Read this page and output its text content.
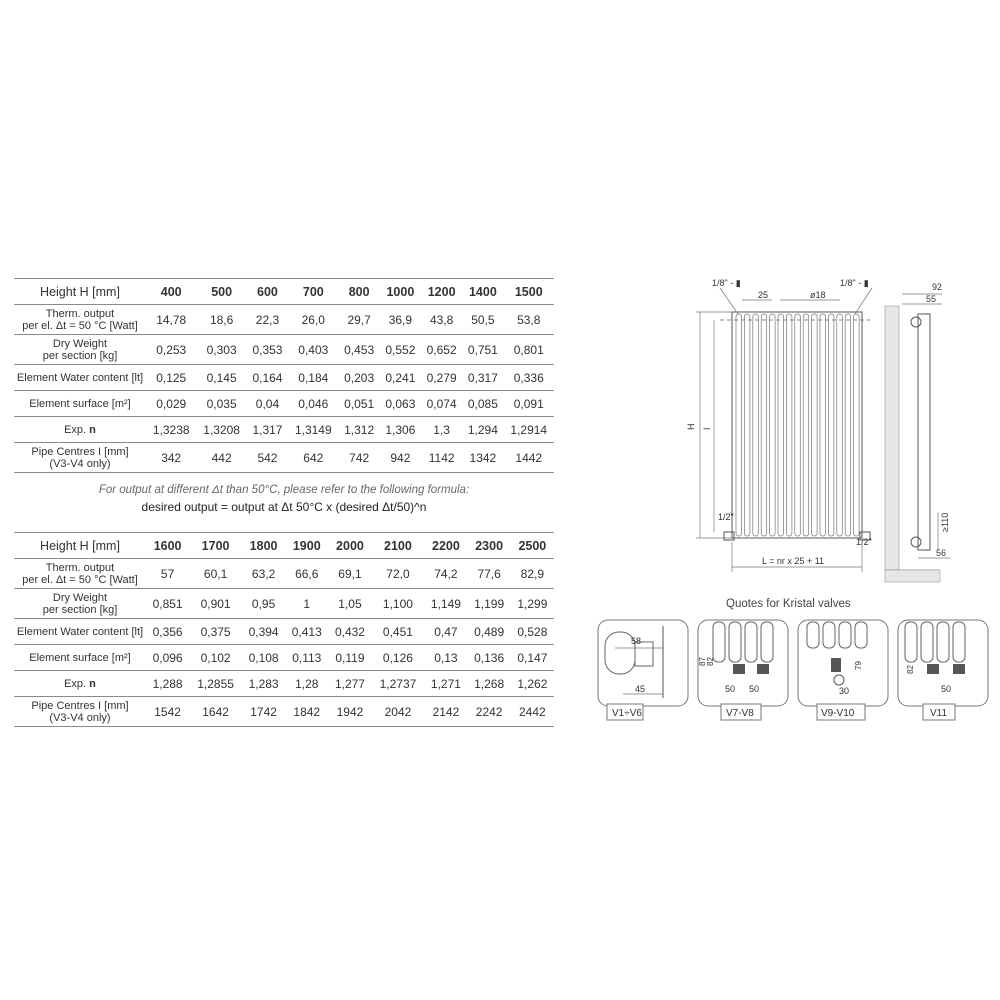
Height H [mm]	400	500	600	700	800	1000	1200	1400	1500
Therm. output
per el. Δt = 50 °C [Watt]	14,78	18,6	22,3	26,0	29,7	36,9	43,8	50,5	53,8
Dry Weight
per section [kg]	0,253	0,303	0,353	0,403	0,453	0,552	0,652	0,751	0,801
Element Water content [lt]	0,125	0,145	0,164	0,184	0,203	0,241	0,279	0,317	0,336
Element surface [m²]	0,029	0,035	0,04	0,046	0,051	0,063	0,074	0,085	0,091
Exp. n	1,3238	1,3208	1,317	1,3149	1,312	1,306	1,3	1,294	1,2914
Pipe Centres I [mm]
(V3-V4 only)	342	442	542	642	742	942	1142	1342	1442
For output at different Δt than 50°C, please refer to the following formula:
desired output = output at Δt 50°C x (desired Δt/50)^n
Height H [mm]	1600	1700	1800	1900	2000	2100	2200	2300	2500
Therm. output
per el. Δt = 50 °C [Watt]	57	60,1	63,2	66,6	69,1	72,0	74,2	77,6	82,9
Dry Weight
per section [kg]	0,851	0,901	0,95	1	1,05	1,100	1,149	1,199	1,299
Element Water content [lt]	0,356	0,375	0,394	0,413	0,432	0,451	0,47	0,489	0,528
Element surface [m²]	0,096	0,102	0,108	0,113	0,119	0,126	0,13	0,136	0,147
Exp. n	1,288	1,2855	1,283	1,28	1,277	1,2737	1,271	1,268	1,262
Pipe Centres I [mm]
(V3-V4 only)	1542	1642	1742	1842	1942	2042	2142	2242	2442
1/8" - ▮	1/8" - ▮
25	ø18
H I
1/2"
1/2"
L = nr x 25 + 11
92
55
≥110
56
Quotes for Kristal valves
58
45
V1÷V6
87 82
50 50
V7-V8
79
30
V9-V10
82
50
V11
